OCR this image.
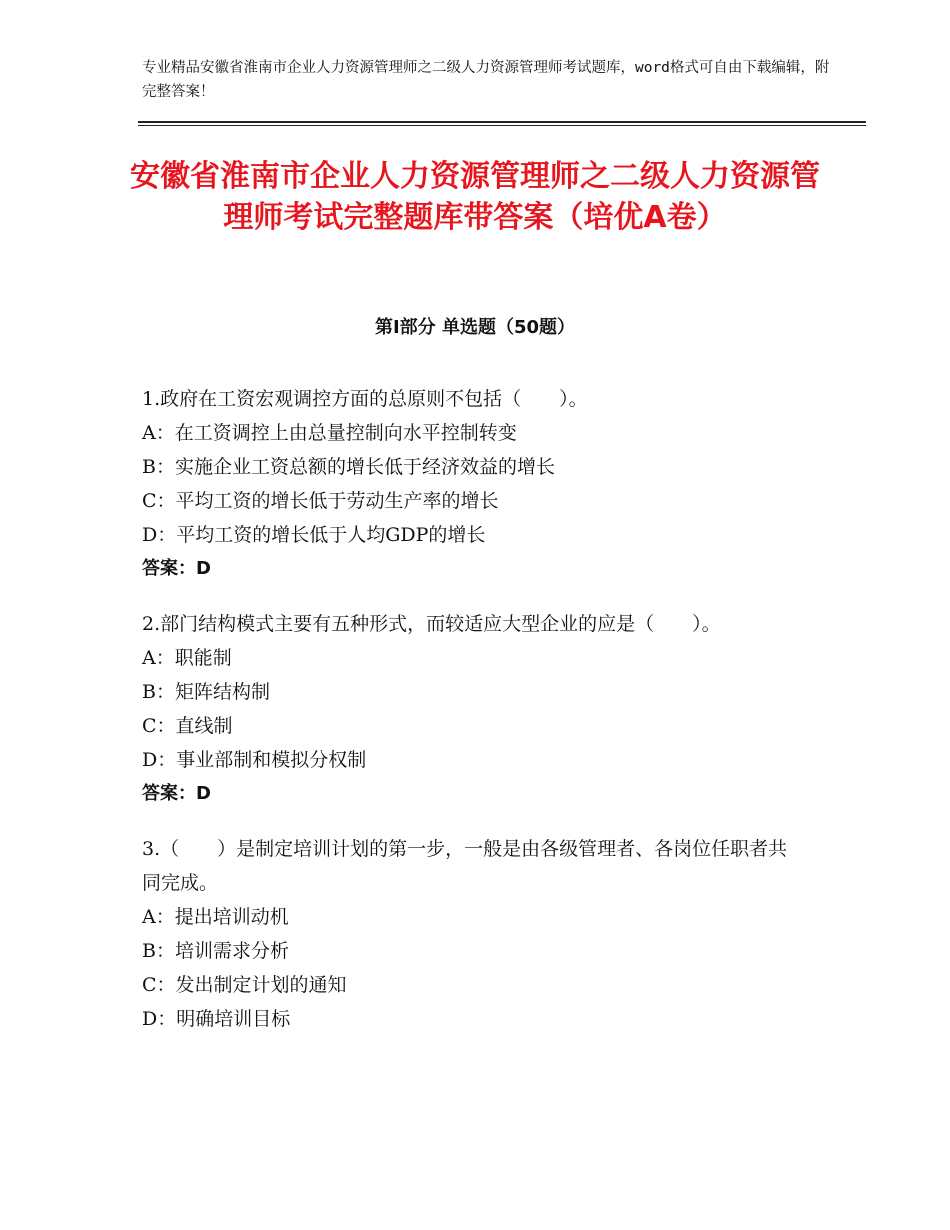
专业精品安徽省淮南市企业人力资源管理师之二级人力资源管理师考试题库，word格式可自由下载编辑，附完整答案！
安徽省淮南市企业人力资源管理师之二级人力资源管理师考试完整题库带答案（培优A卷）
第Ⅰ部分 单选题（50题）

1.政府在工资宏观调控方面的总原则不包括（　　）。

A：在工资调控上由总量控制向水平控制转变

B：实施企业工资总额的增长低于经济效益的增长

C：平均工资的增长低于劳动生产率的增长

D：平均工资的增长低于人均GDP的增长

答案：D

2.部门结构模式主要有五种形式，而较适应大型企业的应是（　　）。

A：职能制

B：矩阵结构制

C：直线制

D：事业部制和模拟分权制

答案：D

3.（　　）是制定培训计划的第一步，一般是由各级管理者、各岗位任职者共同完成。

A：提出培训动机

B：培训需求分析

C：发出制定计划的通知

D：明确培训目标
